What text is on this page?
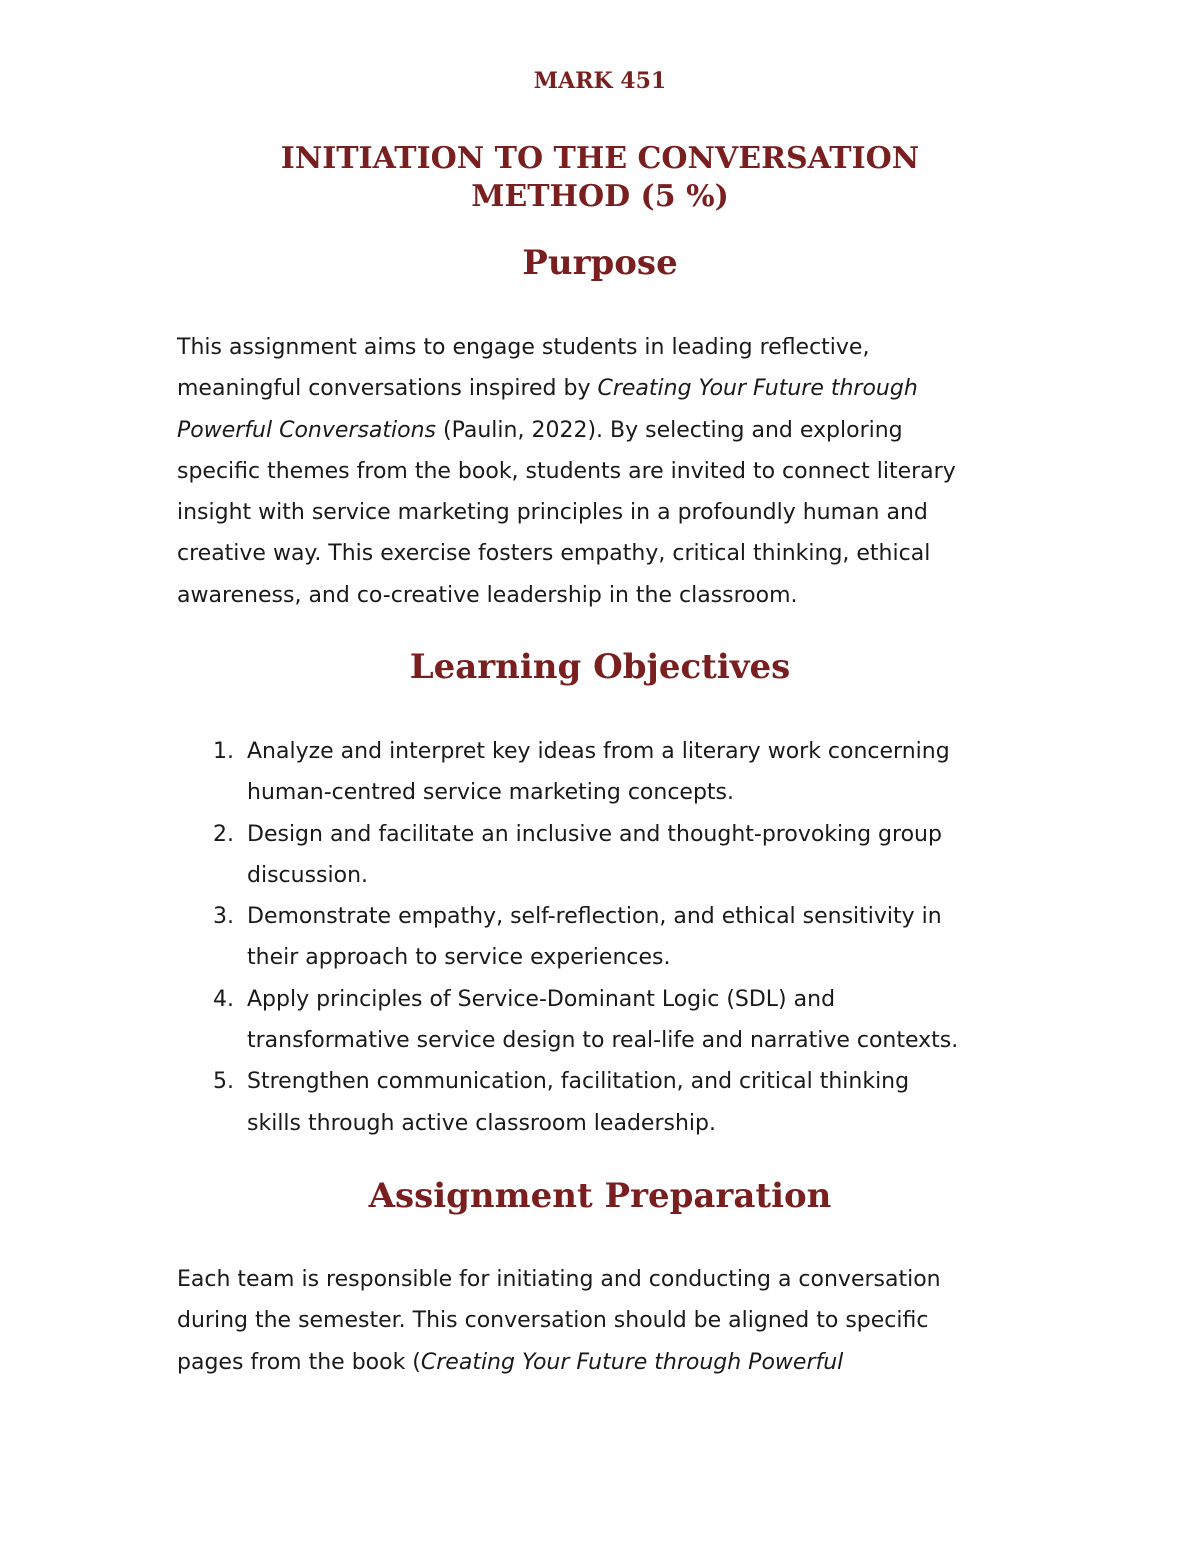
MARK 451

INITIATION TO THE CONVERSATION
METHOD (5 %)
Purpose

This assignment aims to engage students in leading reflective,
meaningful conversations inspired by Creating Your Future through
Powerful Conversations (Paulin, 2022). By selecting and exploring
specific themes from the book, students are invited to connect literary
insight with service marketing principles in a profoundly human and
creative way. This exercise fosters empathy, critical thinking, ethical
awareness, and co-creative leadership in the classroom.

Learning Objectives
1. Analyze and interpret key ideas from a literary work concerning
human-centred service marketing concepts.
2. Design and facilitate an inclusive and thought-provoking group
discussion.
3. Demonstrate empathy, self-reflection, and ethical sensitivity in
their approach to service experiences.
4. Apply principles of Service-Dominant Logic (SDL) and
transformative service design to real-life and narrative contexts.
5. Strengthen communication, facilitation, and critical thinking
skills through active classroom leadership.
Assignment Preparation

Each team is responsible for initiating and conducting a conversation
during the semester. This conversation should be aligned to specific
pages from the book (Creating Your Future through Powerful
